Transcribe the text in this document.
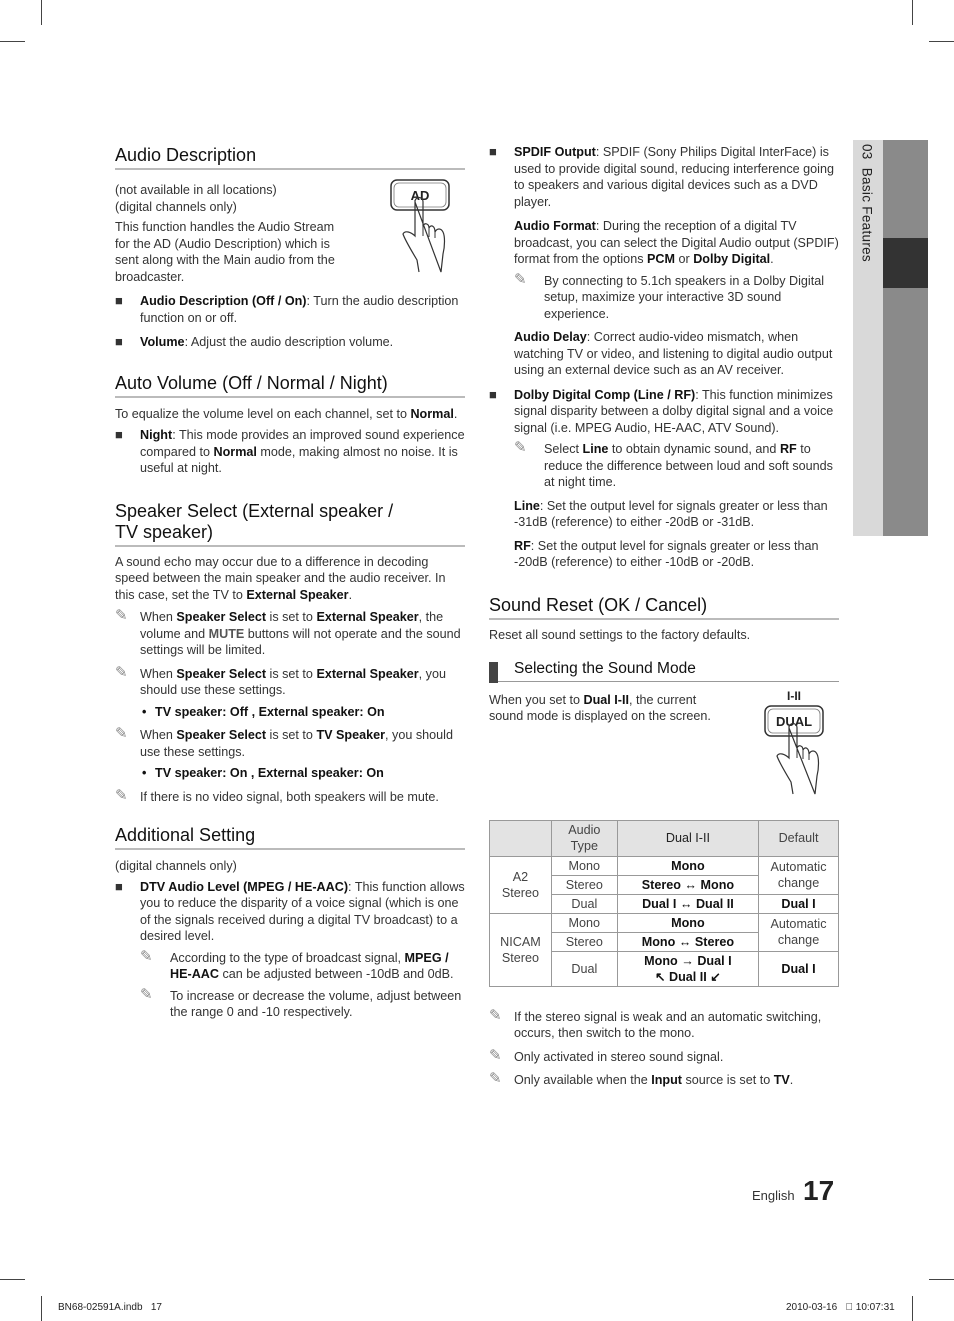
03  Basic Features
Audio Description

(not available in all locations)

(digital channels only)

This function handles the Audio Stream for the AD (Audio Description) which is sent along with the Main audio from the broadcaster.

AD
■ Audio Description (Off / On): Turn the audio description function on or off.
■ Volume: Adjust the audio description volume.
Auto Volume (Off / Normal / Night)

To equalize the volume level on each channel, set to Normal.

■ Night: This mode provides an improved sound experience compared to Normal mode, making almost no noise. It is useful at night.
Speaker Select (External speaker /
TV speaker)

A sound echo may occur due to a difference in decoding speed between the main speaker and the audio receiver. In this case, set the TV to External Speaker.

✎ When Speaker Select is set to External Speaker, the volume and MUTE buttons will not operate and the sound settings will be limited.
✎ When Speaker Select is set to External Speaker, you should use these settings.
• TV speaker: Off , External speaker: On
✎ When Speaker Select is set to TV Speaker, you should use these settings.
• TV speaker: On , External speaker: On
✎ If there is no video signal, both speakers will be mute.
Additional Setting

(digital channels only)

■ DTV Audio Level (MPEG / HE-AAC): This function allows you to reduce the disparity of a voice signal (which is one of the signals received during a digital TV broadcast) to a desired level.
✎ According to the type of broadcast signal, MPEG / HE-AAC can be adjusted between -10dB and 0dB.
✎ To increase or decrease the volume, adjust between the range 0 and -10 respectively.
■ SPDIF Output: SPDIF (Sony Philips Digital InterFace) is used to provide digital sound, reducing interference going to speakers and various digital devices such as a DVD player.

Audio Format: During the reception of a digital TV broadcast, you can select the Digital Audio output (SPDIF) format from the options PCM or Dolby Digital.

✎ By connecting to 5.1ch speakers in a Dolby Digital setup, maximize your interactive 3D sound experience.

Audio Delay: Correct audio-video mismatch, when watching TV or video, and listening to digital audio output using an external device such as an AV receiver.

■ Dolby Digital Comp (Line / RF): This function minimizes signal disparity between a dolby digital signal and a voice signal (i.e. MPEG Audio, HE-AAC, ATV Sound).
✎ Select Line to obtain dynamic sound, and RF to reduce the difference between loud and soft sounds at night time.

Line: Set the output level for signals greater or less than -31dB (reference) to either -20dB or -31dB.

RF: Set the output level for signals greater or less than -20dB (reference) to either -10dB or -20dB.

Sound Reset (OK / Cancel)

Reset all sound settings to the factory defaults.

Selecting the Sound Mode

When you set to Dual I-II, the current sound mode is displayed on the screen.

I-II
DUAL
	Audio Type	Dual I-II	Default
A2 Stereo	Mono	Mono	Automatic change
	Stereo	Stereo ↔ Mono	
	Dual	Dual I ↔ Dual II	Dual I
NICAM Stereo	Mono	Mono	Automatic change
	Stereo	Mono ↔ Stereo	
	Dual	Mono → Dual I
↖ Dual II ↙	Dual I
✎ If the stereo signal is weak and an automatic switching, occurs, then switch to the mono.
✎ Only activated in stereo sound signal.
✎ Only available when the Input source is set to TV.
English 17
BN68-02591A.indb   17	2010-03-16     10:07:31
